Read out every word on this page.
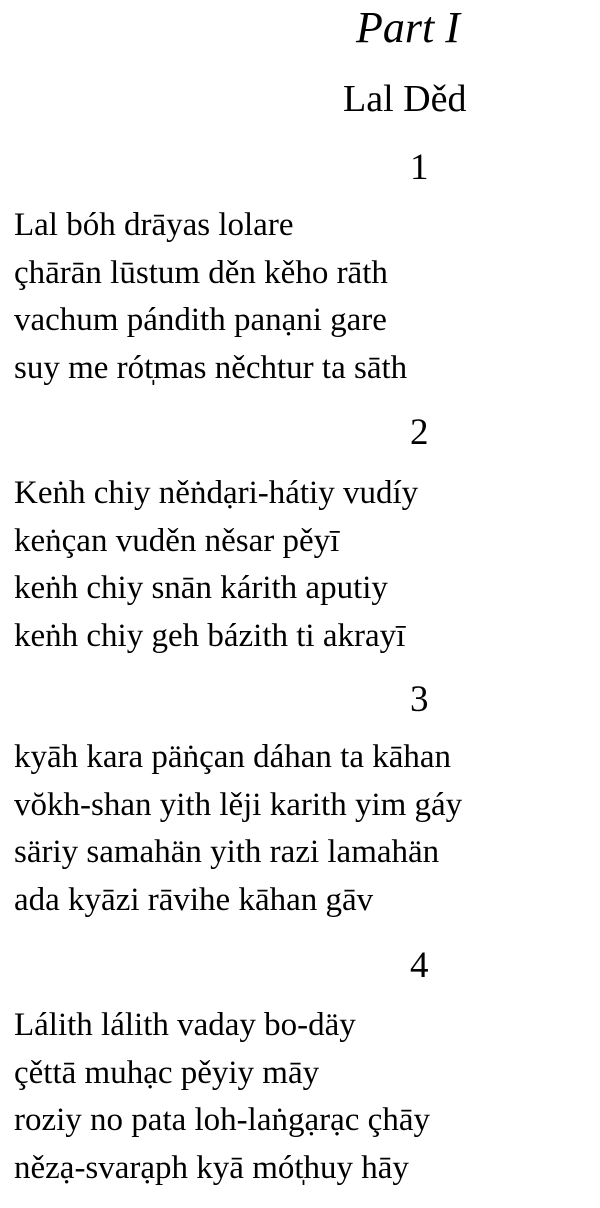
Part I
Lal Děd
1
Lal bóh drāyas lolare
çhārān lūstum děn kěho rāth
vachum pándith panạni gare
suy me rót̩mas něchtur ta sāth
2
Keṅh chiy něṅdạri-hátiy vudíy
keṅçan vuděn něsar pěyī
keṅh chiy snān kárith aputiy
keṅh chiy geh bázith ti akrayī
3
kyāh kara päṅçan dáhan ta kāhan
vŏkh-shan yith lěji karith yim gáy
säriy samahän yith razi lamahän
ada kyāzi rāvihe kāhan gāv
4
Lálith lálith vaday bo-däy
çěttā muhạc pěyiy māy
roziy no pata loh-laṅgạrạc çhāy
nězạ-svarạph kyā mót̩huy hāy
